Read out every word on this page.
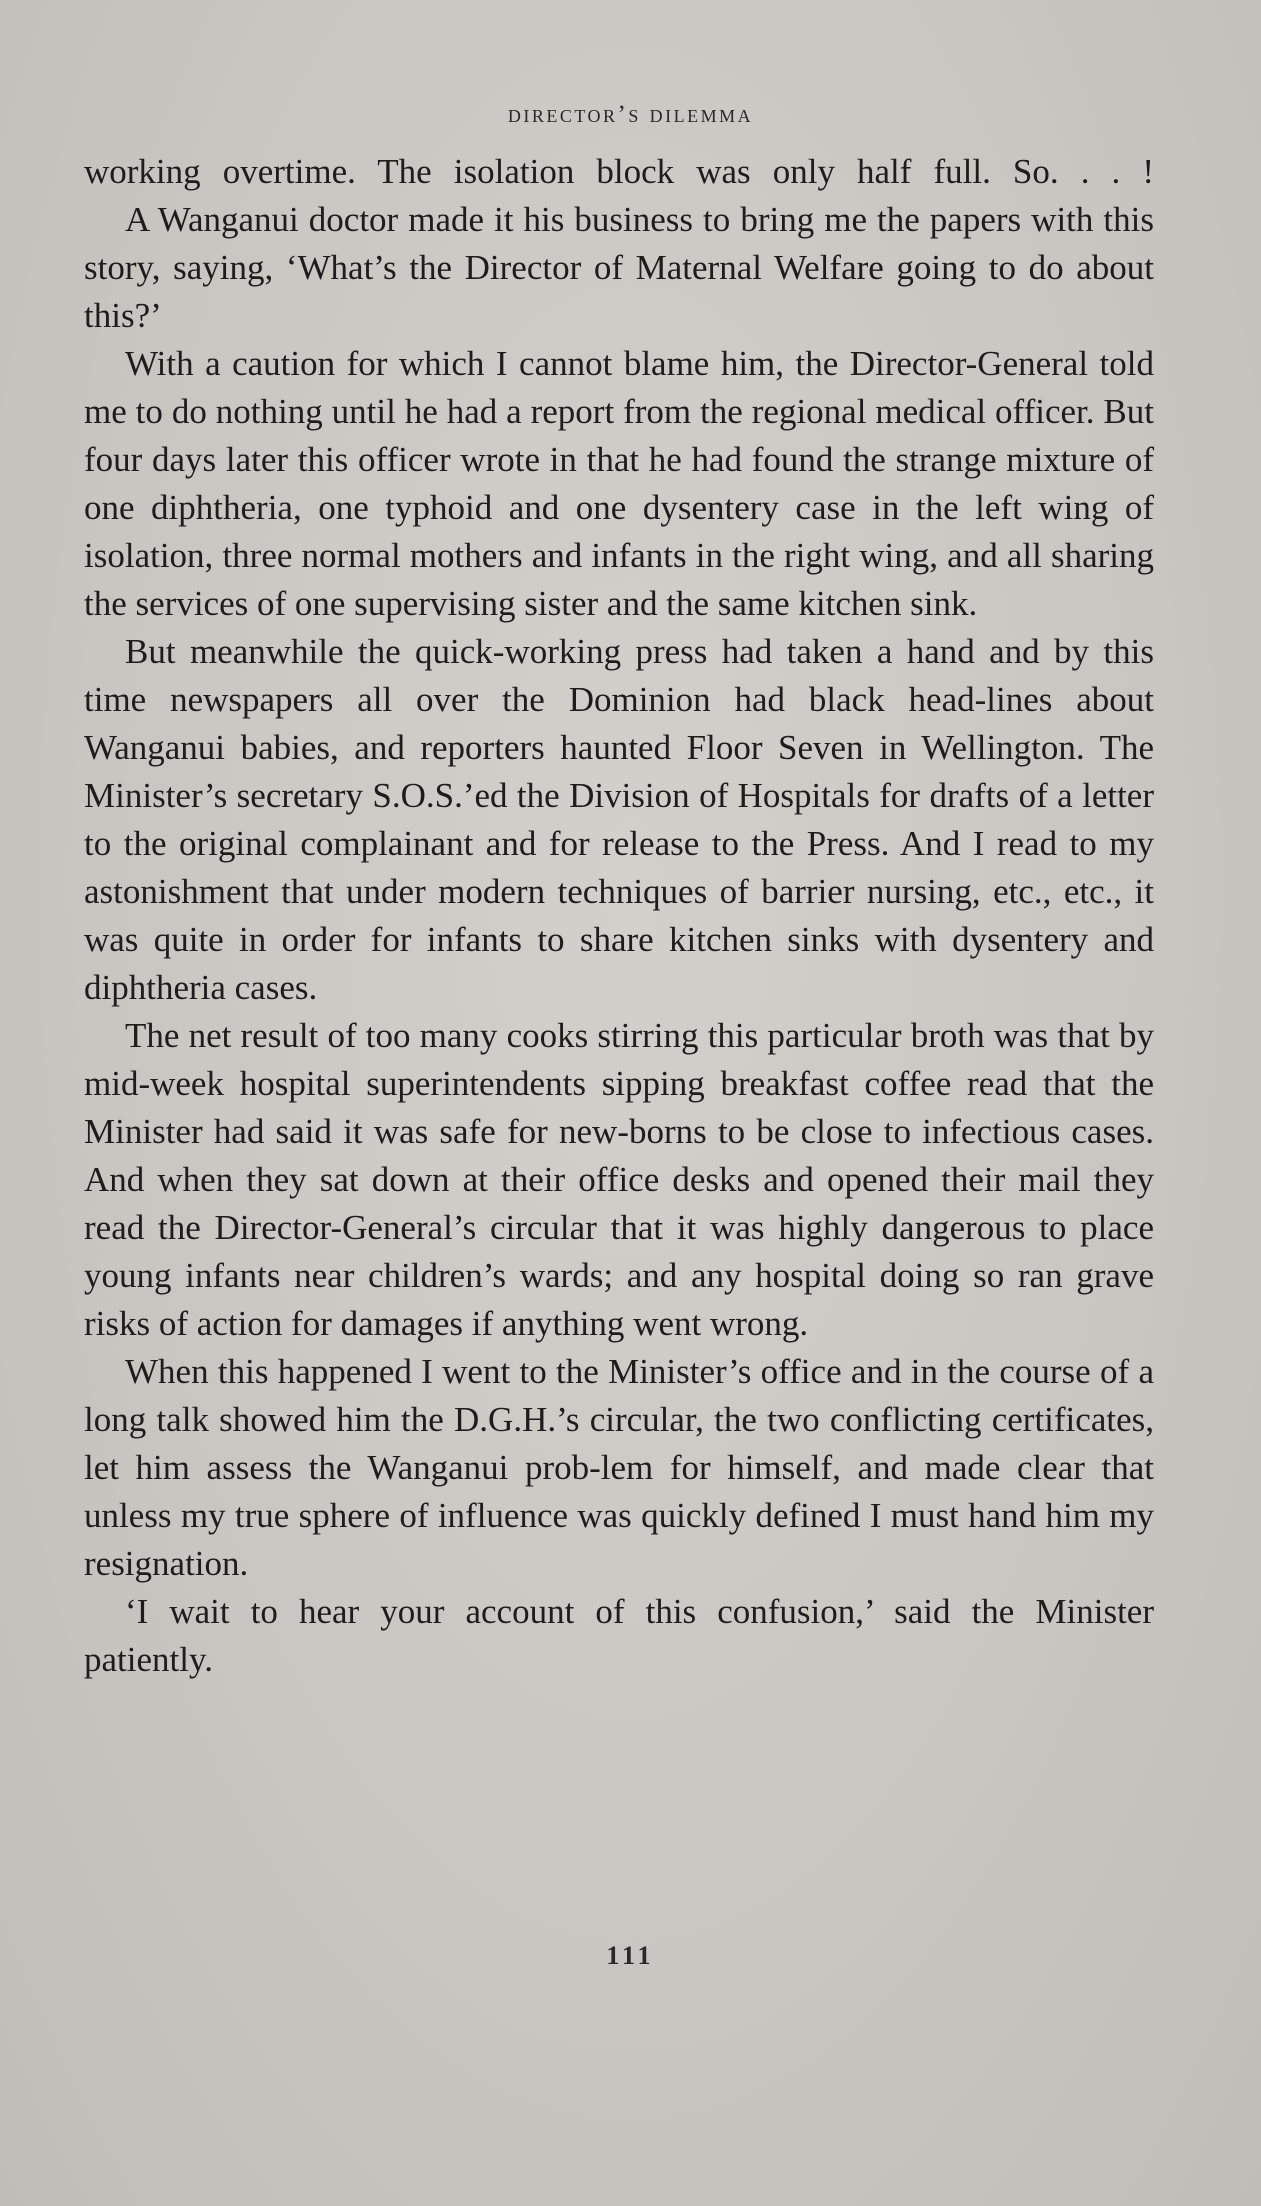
director’s dilemma

working overtime. The isolation block was only half full. So. . . !

A Wanganui doctor made it his business to bring me the papers with this story, saying, ‘What’s the Director of Maternal Welfare going to do about this?’

With a caution for which I cannot blame him, the Director-General told me to do nothing until he had a report from the regional medical officer. But four days later this officer wrote in that he had found the strange mixture of one diphtheria, one typhoid and one dysentery case in the left wing of isolation, three normal mothers and infants in the right wing, and all sharing the services of one supervising sister and the same kitchen sink.

But meanwhile the quick-working press had taken a hand and by this time newspapers all over the Dominion had black head-lines about Wanganui babies, and reporters haunted Floor Seven in Wellington. The Minister’s secretary S.O.S.’ed the Division of Hospitals for drafts of a letter to the original complainant and for release to the Press. And I read to my astonishment that under modern techniques of barrier nursing, etc., etc., it was quite in order for infants to share kitchen sinks with dysentery and diphtheria cases.

The net result of too many cooks stirring this particular broth was that by mid-week hospital superintendents sipping breakfast coffee read that the Minister had said it was safe for new-borns to be close to infectious cases. And when they sat down at their office desks and opened their mail they read the Director-General’s circular that it was highly dangerous to place young infants near children’s wards; and any hospital doing so ran grave risks of action for damages if anything went wrong.

When this happened I went to the Minister’s office and in the course of a long talk showed him the D.G.H.’s circular, the two conflicting certificates, let him assess the Wanganui prob-lem for himself, and made clear that unless my true sphere of influence was quickly defined I must hand him my resignation.

‘I wait to hear your account of this confusion,’ said the Minister patiently.

111
